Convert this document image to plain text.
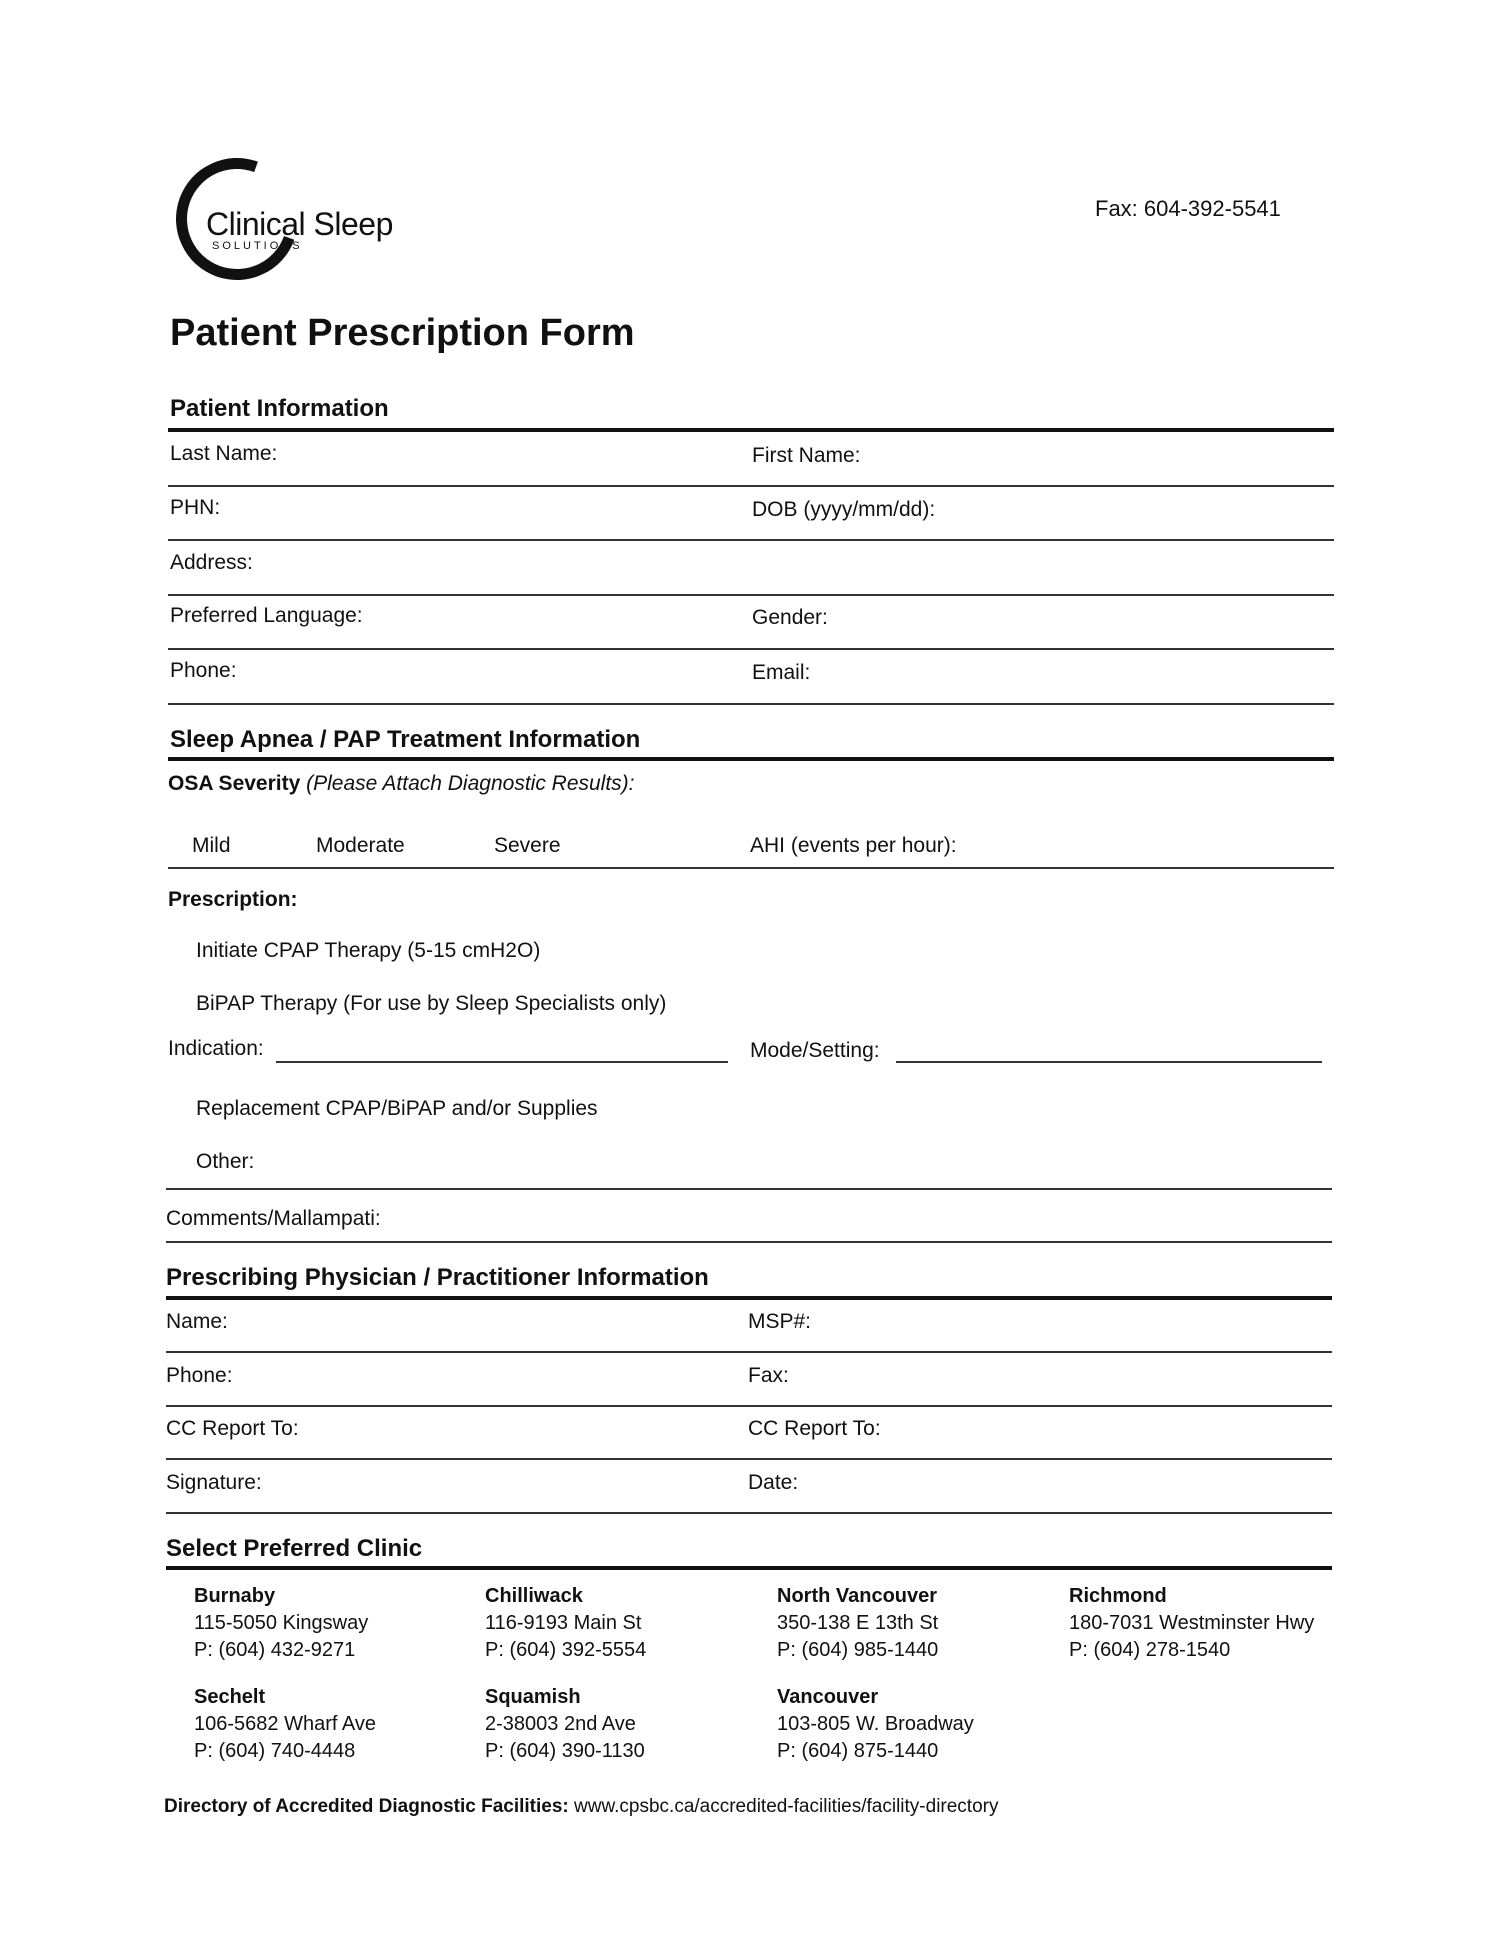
Clinical Sleep
SOLUTIONS
Fax: 604-392-5541
Patient Prescription Form
Patient Information
Last Name:	First Name:
PHN:	DOB (yyyy/mm/dd):
Address:
Preferred Language:	Gender:
Phone:	Email:
Sleep Apnea / PAP Treatment Information
OSA Severity (Please Attach Diagnostic Results):
Mild	Moderate	Severe	AHI (events per hour):
Prescription:
Initiate CPAP Therapy (5-15 cmH2O)
BiPAP Therapy (For use by Sleep Specialists only)
Indication:	Mode/Setting:
Replacement CPAP/BiPAP and/or Supplies
Other:
Comments/Mallampati:
Prescribing Physician / Practitioner Information
Name:	MSP#:
Phone:	Fax:
CC Report To:	CC Report To:
Signature:	Date:
Select Preferred Clinic
Burnaby
115-5050 Kingsway
P: (604) 432-9271
Chilliwack
116-9193 Main St
P: (604) 392-5554
North Vancouver
350-138 E 13th St
P: (604) 985-1440
Richmond
180-7031 Westminster Hwy
P: (604) 278-1540
Sechelt
106-5682 Wharf Ave
P: (604) 740-4448
Squamish
2-38003 2nd Ave
P: (604) 390-1130
Vancouver
103-805 W. Broadway
P: (604) 875-1440
Directory of Accredited Diagnostic Facilities: www.cpsbc.ca/accredited-facilities/facility-directory
